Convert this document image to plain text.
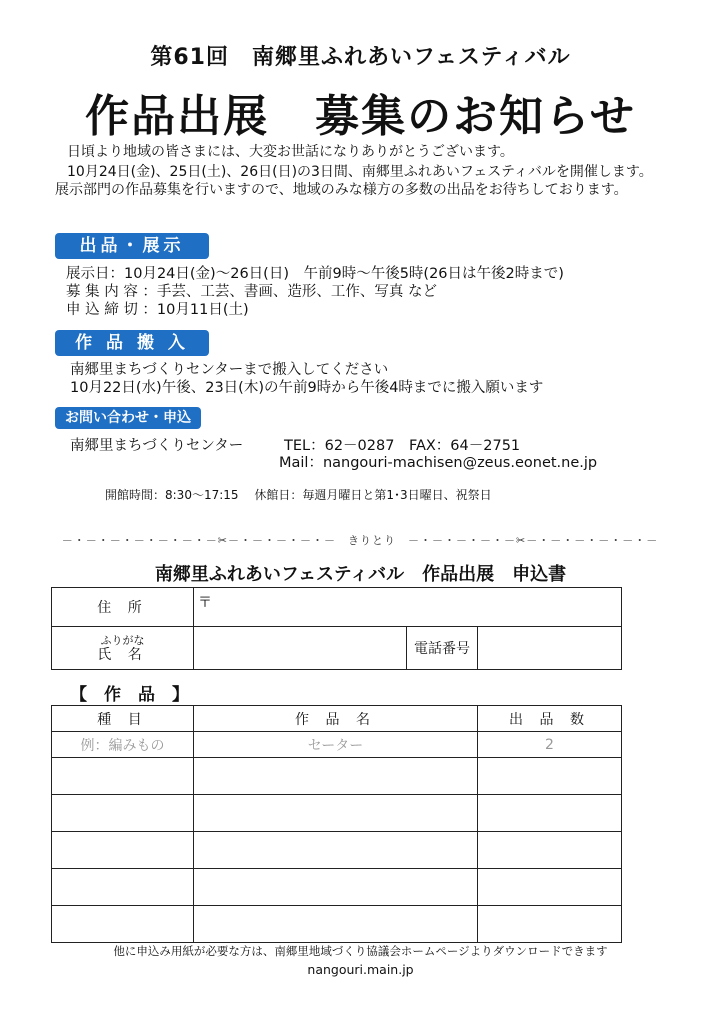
第61回　南郷里ふれあいフェスティバル
作品出展　募集のお知らせ
日頃より地域の皆さまには、大変お世話になりありがとうございます。
10月24日(金)、25日(土)、26日(日)の3日間、南郷里ふれあいフェスティバルを開催します。展示部門の作品募集を行いますので、地域のみな様方の多数の出品をお待ちしております。
出品・展示
展示日：10月24日(金)～26日(日)　午前9時～午後5時(26日は午後2時まで)
募 集 内 容 ：手芸、工芸、書画、造形、工作、写真 など
申 込 締 切 ：10月11日(土)
作 品 搬 入
南郷里まちづくりセンターまで搬入してください
10月22日(水)午後、23日(木)の午前9時から午後4時までに搬入願います
お問い合わせ・申込
南郷里まちづくりセンター	TEL：62－0287　FAX：64－2751
Mail：nangouri-machisen@zeus.eonet.ne.jp
開館時間：8:30～17:15　 休館日：毎週月曜日と第1･3日曜日、祝祭日
－・－・－・－・－・－・－✂－・－・－・－・－　きりとり　－・－・－・－・－✂－・－・－・－・－・－
南郷里ふれあいフェスティバル　作品出展　申込書
住 所	〒		

ふりがな
氏 名		電話番号	
【　作　品　】
種 目	作 品 名	出 品 数
例：編みもの	セーター	2

他に申込み用紙が必要な方は、南郷里地域づくり協議会ホームページよりダウンロードできます
nangouri.main.jp
